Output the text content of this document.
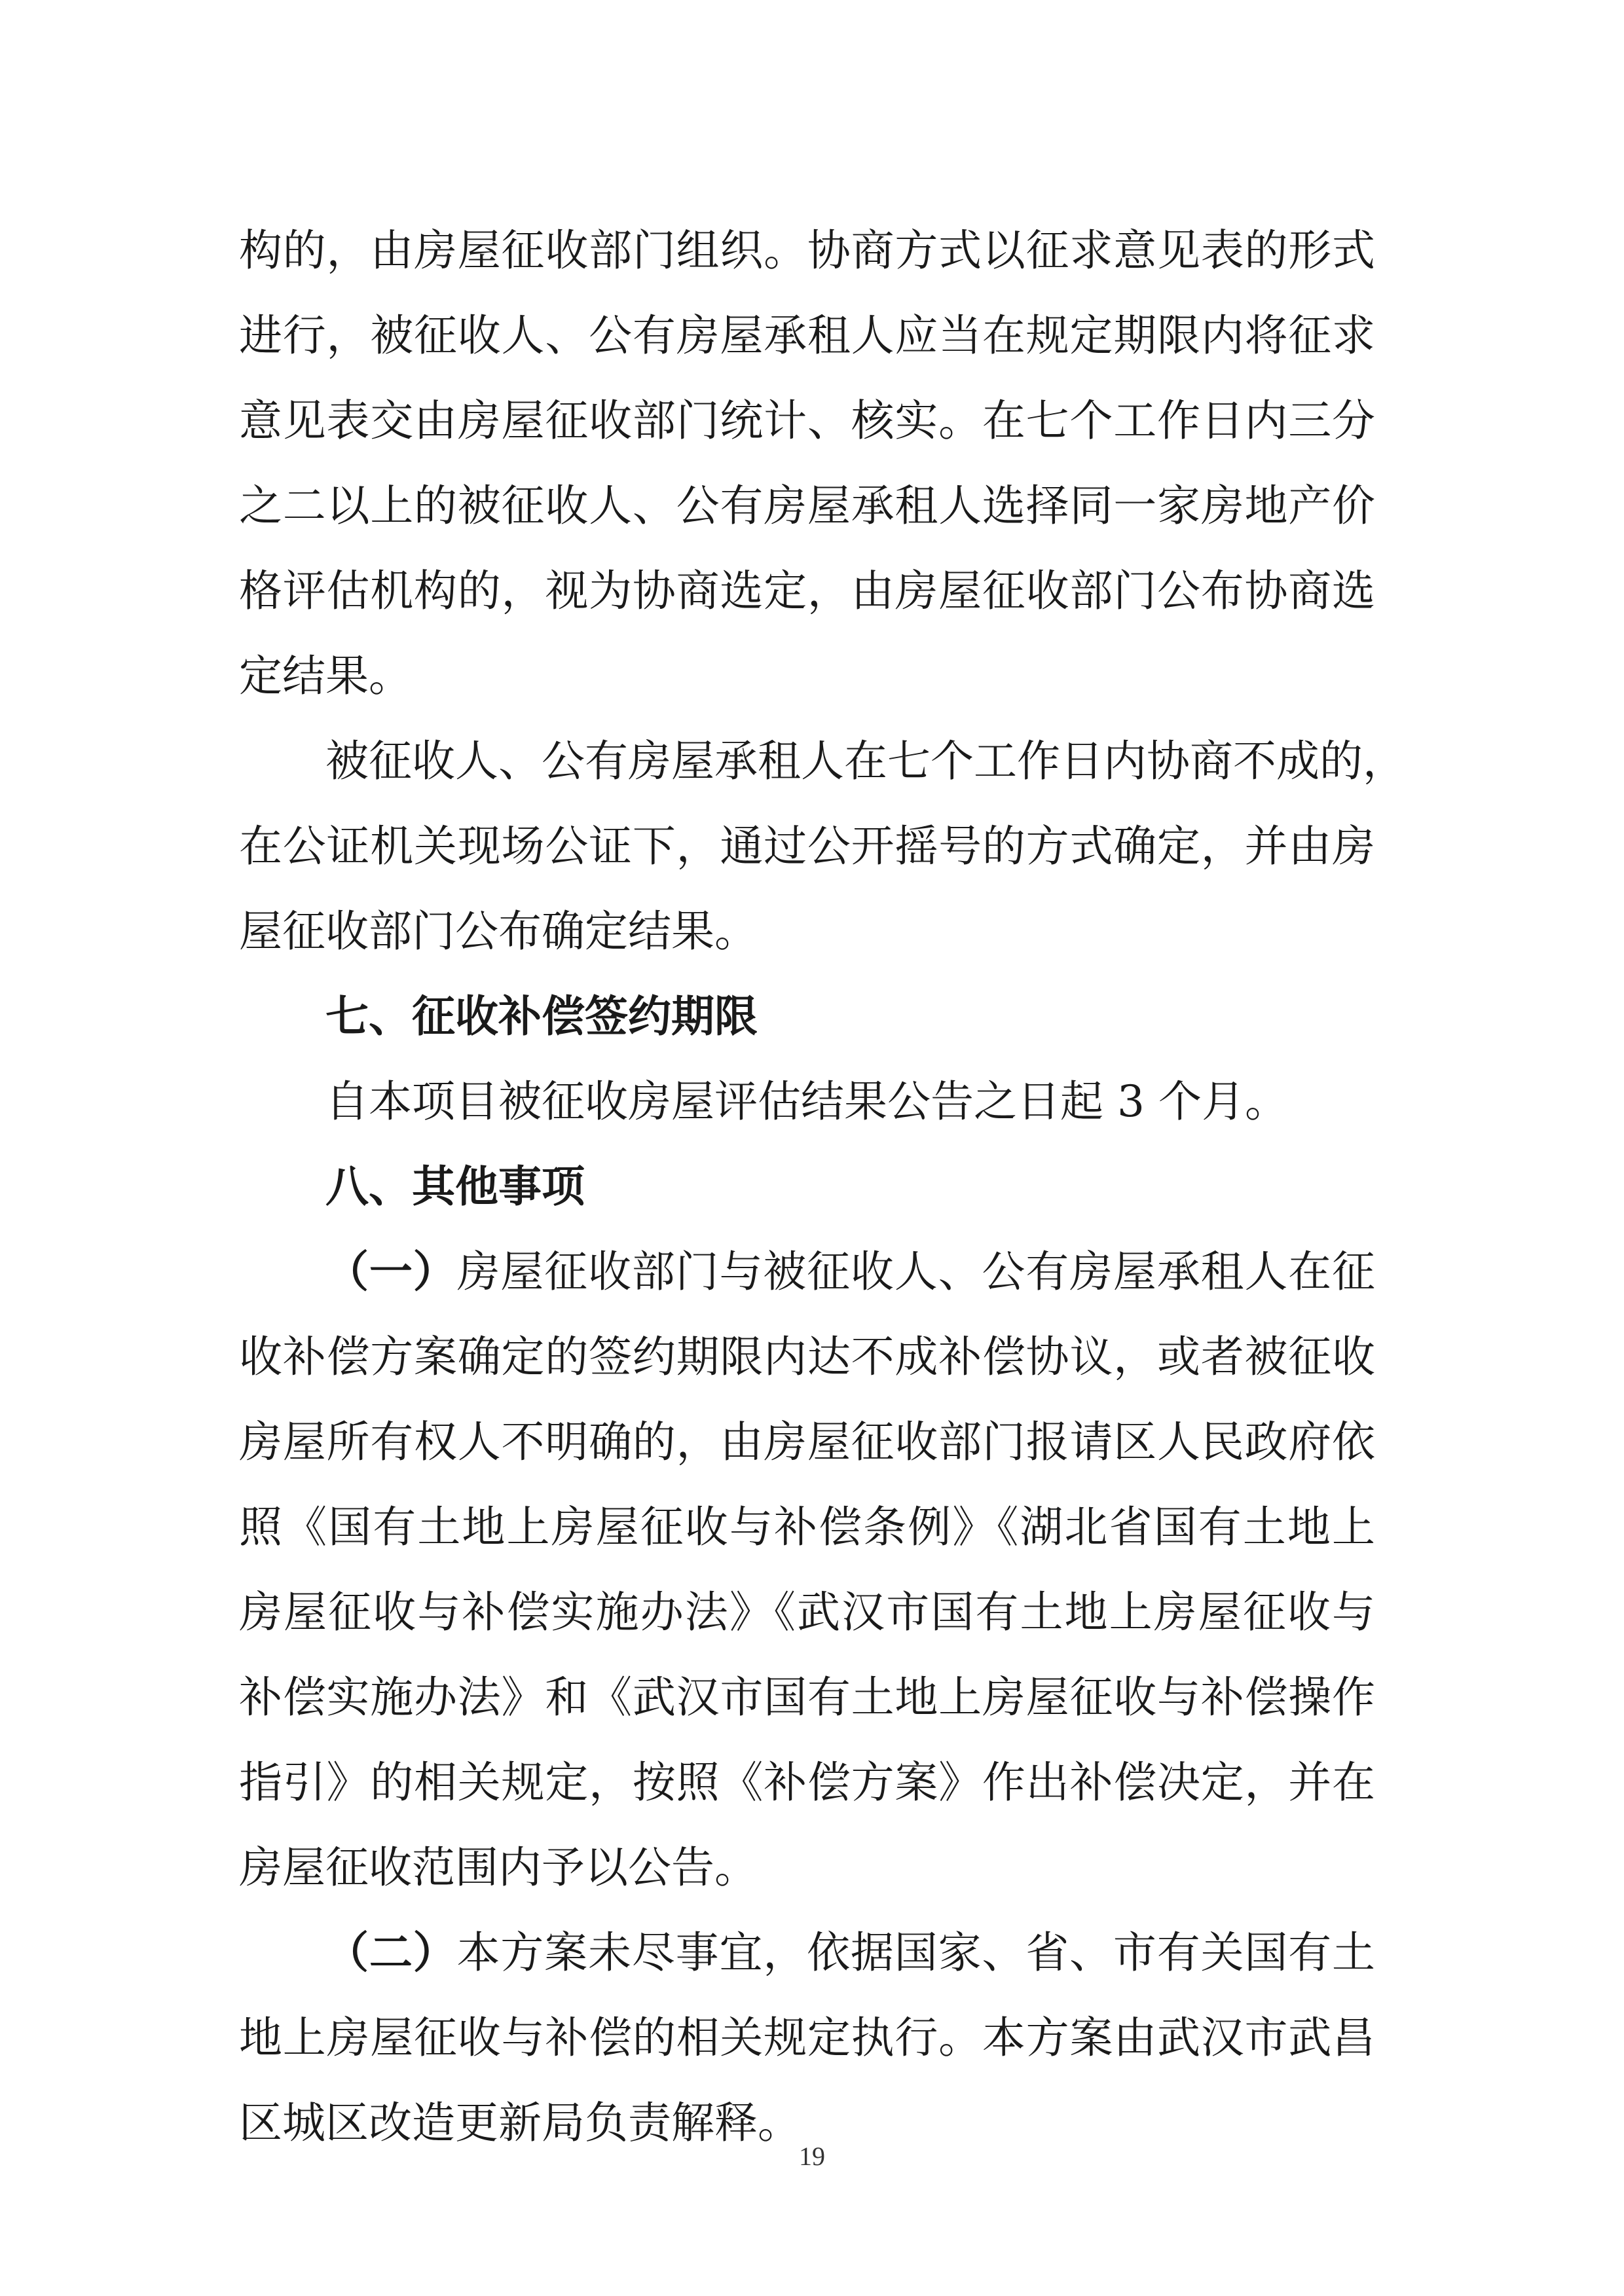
构的，由房屋征收部门组织。协商方式以征求意见表的形式
进行，被征收人、公有房屋承租人应当在规定期限内将征求
意见表交由房屋征收部门统计、核实。在七个工作日内三分
之二以上的被征收人、公有房屋承租人选择同一家房地产价
格评估机构的，视为协商选定，由房屋征收部门公布协商选
定结果。
被征收人、公有房屋承租人在七个工作日内协商不成的，
在公证机关现场公证下，通过公开摇号的方式确定，并由房
屋征收部门公布确定结果。
七、征收补偿签约期限
自本项目被征收房屋评估结果公告之日起 3 个月。
八、其他事项
（一）房屋征收部门与被征收人、公有房屋承租人在征
收补偿方案确定的签约期限内达不成补偿协议，或者被征收
房屋所有权人不明确的，由房屋征收部门报请区人民政府依
照《国有土地上房屋征收与补偿条例》《湖北省国有土地上
房屋征收与补偿实施办法》《武汉市国有土地上房屋征收与
补偿实施办法》和《武汉市国有土地上房屋征收与补偿操作
指引》的相关规定，按照《补偿方案》作出补偿决定，并在
房屋征收范围内予以公告。
（二）本方案未尽事宜，依据国家、省、市有关国有土
地上房屋征收与补偿的相关规定执行。本方案由武汉市武昌
区城区改造更新局负责解释。
19
